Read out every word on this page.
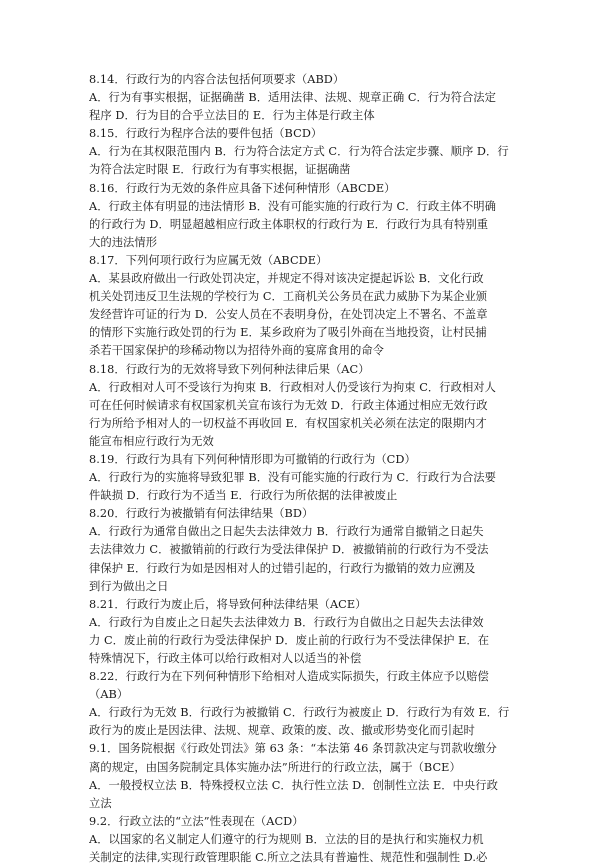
8.14．行政行为的内容合法包括何项要求（ABD）
A．行为有事实根据，证据确凿 B．适用法律、法规、规章正确 C．行为符合法定
程序 D．行为目的合乎立法目的 E．行为主体是行政主体
8.15．行政行为程序合法的要件包括（BCD）
A．行为在其权限范围内 B．行为符合法定方式 C．行为符合法定步骤、顺序 D．行
为符合法定时限 E．行政行为有事实根据，证据确凿
8.16．行政行为无效的条件应具备下述何种情形（ABCDE）
A．行政主体有明显的违法情形 B．没有可能实施的行政行为 C．行政主体不明确
的行政行为 D．明显超越相应行政主体职权的行政行为 E．行政行为具有特别重
大的违法情形
8.17．下列何项行政行为应属无效（ABCDE）
A．某县政府做出一行政处罚决定，并规定不得对该决定提起诉讼 B．文化行政
机关处罚违反卫生法规的学校行为 C．工商机关公务员在武力威胁下为某企业颁
发经营许可证的行为 D．公安人员在不表明身份，在处罚决定上不署名、不盖章
的情形下实施行政处罚的行为 E．某乡政府为了吸引外商在当地投资，让村民捕
杀若干国家保护的珍稀动物以为招待外商的宴席食用的命令
8.18．行政行为的无效将导致下列何种法律后果（AC）
A．行政相对人可不受该行为拘束 B．行政相对人仍受该行为拘束 C．行政相对人
可在任何时候请求有权国家机关宣布该行为无效 D．行政主体通过相应无效行政
行为所给予相对人的一切权益不再收回 E．有权国家机关必须在法定的限期内才
能宣布相应行政行为无效
8.19．行政行为具有下列何种情形即为可撤销的行政行为（CD）
A．行政行为的实施将导致犯罪 B．没有可能实施的行政行为 C．行政行为合法要
件缺损 D．行政行为不适当 E．行政行为所依据的法律被废止
8.20．行政行为被撤销有何法律结果（BD）
A．行政行为通常自做出之日起失去法律效力 B．行政行为通常自撤销之日起失
去法律效力 C．被撤销前的行政行为受法律保护 D．被撤销前的行政行为不受法
律保护 E．行政行为如是因相对人的过错引起的，行政行为撤销的效力应溯及
到行为做出之日
8.21．行政行为废止后，将导致何种法律结果（ACE）
A．行政行为自废止之日起失去法律效力 B．行政行为自做出之日起失去法律效
力 C．废止前的行政行为受法律保护 D．废止前的行政行为不受法律保护 E．在
特殊情况下，行政主体可以给行政相对人以适当的补偿
8.22．行政行为在下列何种情形下给相对人造成实际损失，行政主体应予以赔偿
（AB）
A．行政行为无效 B．行政行为被撤销 C．行政行为被废止 D．行政行为有效 E．行
政行为的废止是因法律、法规、规章、政策的废、改、撤或形势变化而引起时
9.1．国务院根据《行政处罚法》第 63 条：“本法第 46 条罚款决定与罚款收缴分
离的规定，由国务院制定具体实施办法”所进行的行政立法，属于（BCE）
A．一般授权立法 B．特殊授权立法 C．执行性立法 D．创制性立法 E．中央行政
立法
9.2．行政立法的“立法”性表现在（ACD）
A．以国家的名义制定人们遵守的行为规则 B．立法的目的是执行和实施权力机
关制定的法律,实现行政管理职能 C.所立之法具有普遍性、规范性和强制性 D.必
